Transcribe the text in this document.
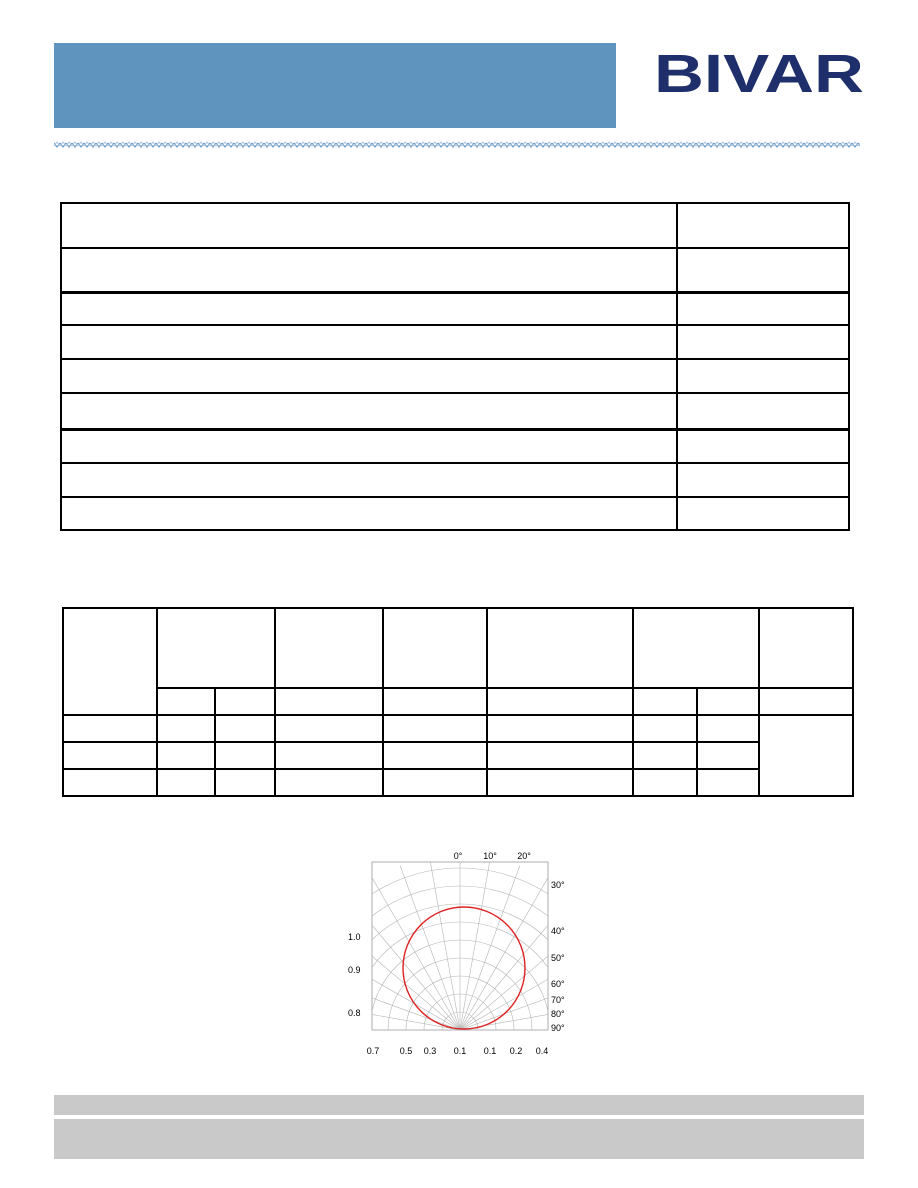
BIVAR

0° 10° 20°
30°
40°
50°
60°
70°
80°
90°
1.0
0.9
0.8
0.7 0.5 0.3 0.1 0.1 0.2 0.4
